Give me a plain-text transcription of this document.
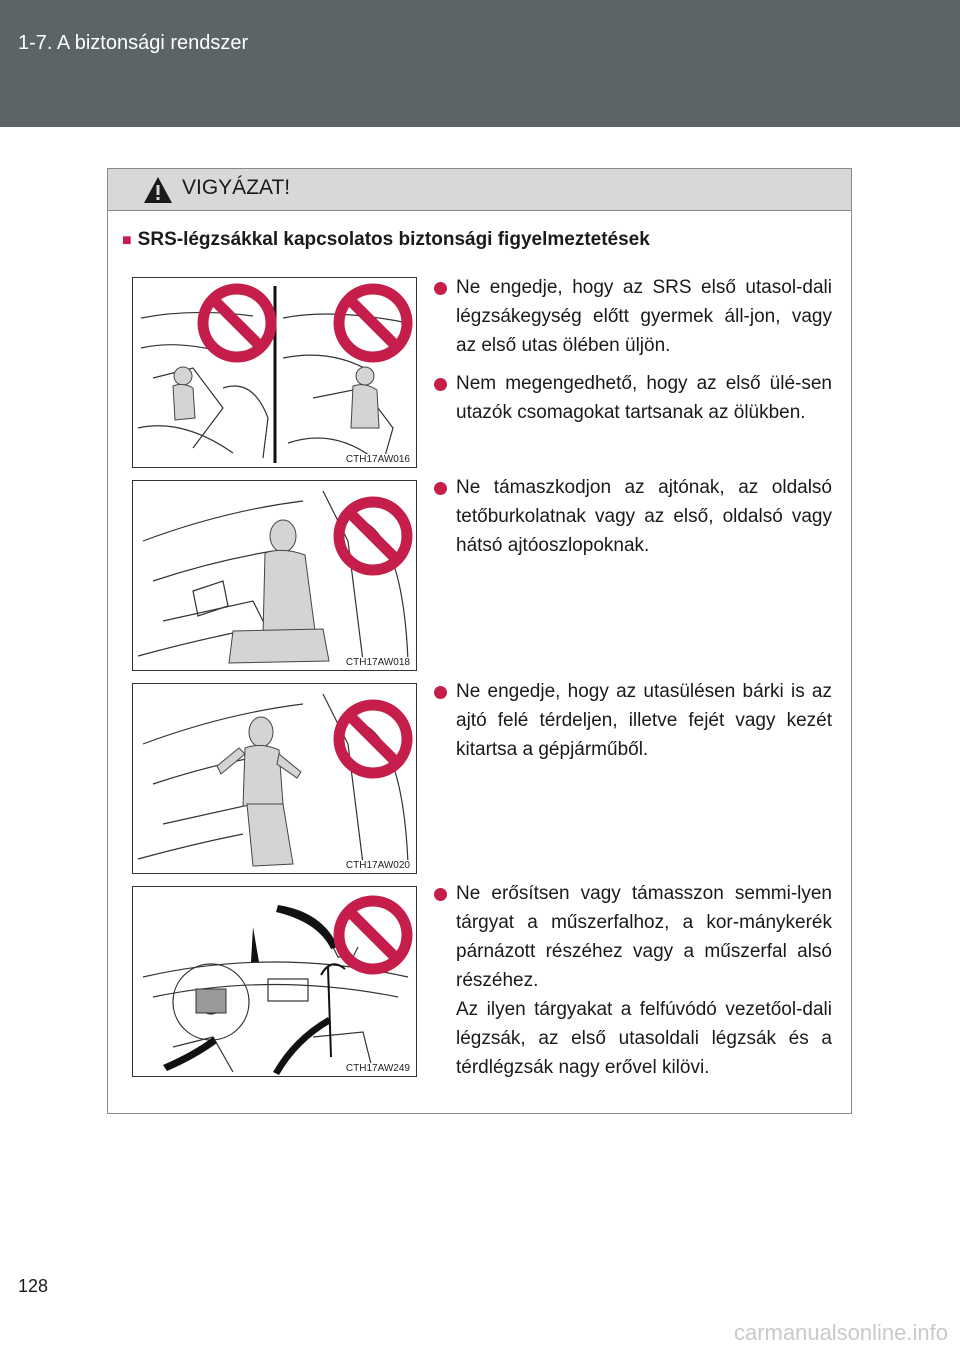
1-7. A biztonsági rendszer
VIGYÁZAT!
■ SRS-légzsákkal kapcsolatos biztonsági figyelmeztetések
CTH17AW016
CTH17AW018
CTH17AW020
CTH17AW249
Ne engedje, hogy az SRS első utasol-dali légzsákegység előtt gyermek áll-jon, vagy az első utas ölében üljön.
Nem megengedhető, hogy az első ülé-sen utazók csomagokat tartsanak az ölükben.
Ne támaszkodjon az ajtónak, az oldalsó tetőburkolatnak vagy az első, oldalsó vagy hátsó ajtóoszlopoknak.
Ne engedje, hogy az utasülésen bárki is az ajtó felé térdeljen, illetve fejét vagy kezét kitartsa a gépjárműből.
Ne erősítsen vagy támasszon semmi-lyen tárgyat a műszerfalhoz, a kor-mánykerék párnázott részéhez vagy a műszerfal alsó részéhez.
Az ilyen tárgyakat a felfúvódó vezetőol-dali légzsák, az első utasoldali légzsák és a térdlégzsák nagy erővel kilövi.
128
carmanualsonline.info
